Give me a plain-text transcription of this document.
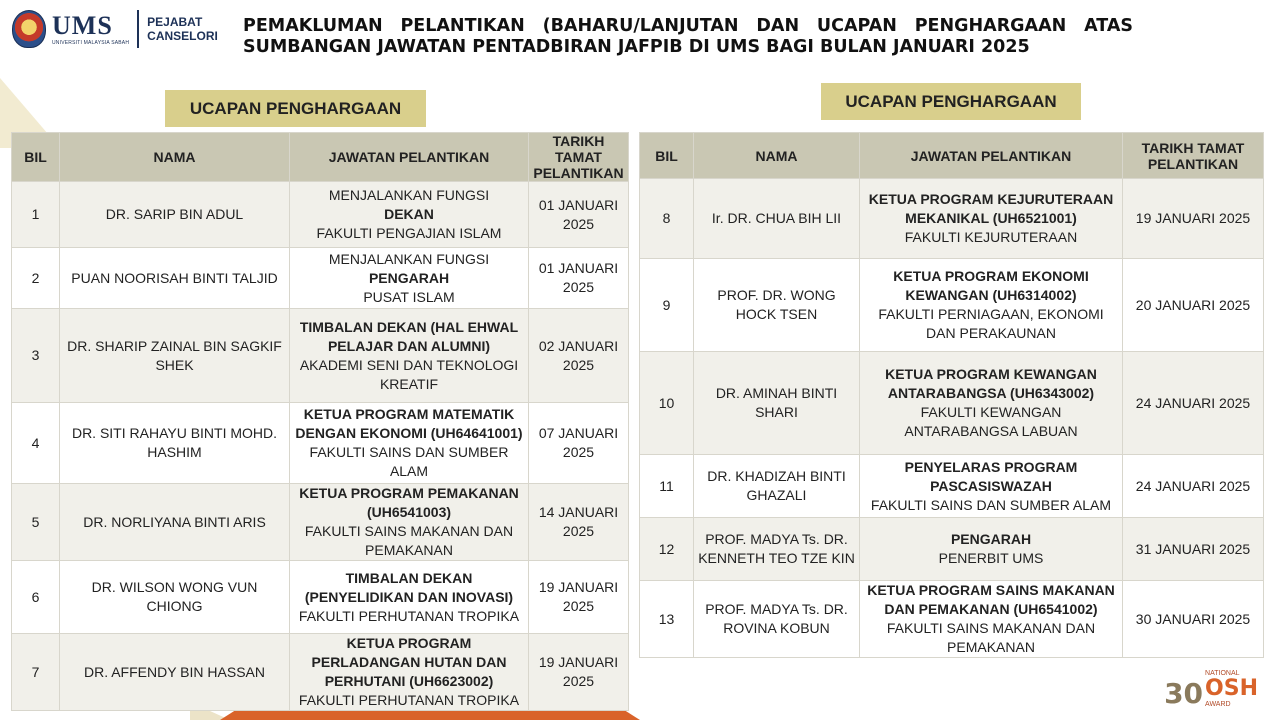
UMS
UNIVERSITI MALAYSIA SABAH
PEJABAT
CANSELORI PEMAKLUMAN PELANTIKAN (BAHARU/LANJUTAN DAN UCAPAN PENGHARGAAN ATAS SUMBANGAN JAWATAN PENTADBIRAN JAFPIB DI UMS BAGI BULAN JANUARI 2025
UCAPAN PENGHARGAAN	UCAPAN PENGHARGAAN
BIL	NAMA	JAWATAN PELANTIKAN	TARIKH TAMAT PELANTIKAN
1	DR. SARIP BIN ADUL	MENJALANKAN FUNGSI
DEKAN
FAKULTI PENGAJIAN ISLAM	01 JANUARI 2025
2	PUAN NOORISAH BINTI TALJID	MENJALANKAN FUNGSI
PENGARAH
PUSAT ISLAM	01 JANUARI 2025
3	DR. SHARIP ZAINAL BIN SAGKIF SHEK	TIMBALAN DEKAN (HAL EHWAL PELAJAR DAN ALUMNI)
AKADEMI SENI DAN TEKNOLOGI KREATIF	02 JANUARI 2025
4	DR. SITI RAHAYU BINTI MOHD. HASHIM	KETUA PROGRAM MATEMATIK DENGAN EKONOMI (UH64641001)
FAKULTI SAINS DAN SUMBER ALAM	07 JANUARI 2025
5	DR. NORLIYANA BINTI ARIS	KETUA PROGRAM PEMAKANAN (UH6541003)
FAKULTI SAINS MAKANAN DAN PEMAKANAN	14 JANUARI 2025
6	DR. WILSON WONG VUN CHIONG	TIMBALAN DEKAN (PENYELIDIKAN DAN INOVASI)
FAKULTI PERHUTANAN TROPIKA	19 JANUARI 2025
7	DR. AFFENDY BIN HASSAN	KETUA PROGRAM PERLADANGAN HUTAN DAN PERHUTANI (UH6623002)
FAKULTI PERHUTANAN TROPIKA	19 JANUARI 2025
BIL	NAMA	JAWATAN PELANTIKAN	TARIKH TAMAT PELANTIKAN
8	Ir. DR. CHUA BIH LII	KETUA PROGRAM KEJURUTERAAN MEKANIKAL (UH6521001)
FAKULTI KEJURUTERAAN	19 JANUARI 2025
9	PROF. DR. WONG HOCK TSEN	KETUA PROGRAM EKONOMI KEWANGAN (UH6314002)
FAKULTI PERNIAGAAN, EKONOMI DAN PERAKAUNAN	20 JANUARI 2025
10	DR. AMINAH BINTI SHARI	KETUA PROGRAM KEWANGAN ANTARABANGSA (UH6343002)
FAKULTI KEWANGAN ANTARABANGSA LABUAN	24 JANUARI 2025
11	DR. KHADIZAH BINTI GHAZALI	PENYELARAS PROGRAM PASCASISWAZAH
FAKULTI SAINS DAN SUMBER ALAM	24 JANUARI 2025
12	PROF. MADYA Ts. DR. KENNETH TEO TZE KIN	PENGARAH
PENERBIT UMS	31 JANUARI 2025
13	PROF. MADYA Ts. DR. ROVINA KOBUN	KETUA PROGRAM SAINS MAKANAN DAN PEMAKANAN (UH6541002)
FAKULTI SAINS MAKANAN DAN PEMAKANAN	30 JANUARI 2025
30
NATIONAL
OSH
AWARD
